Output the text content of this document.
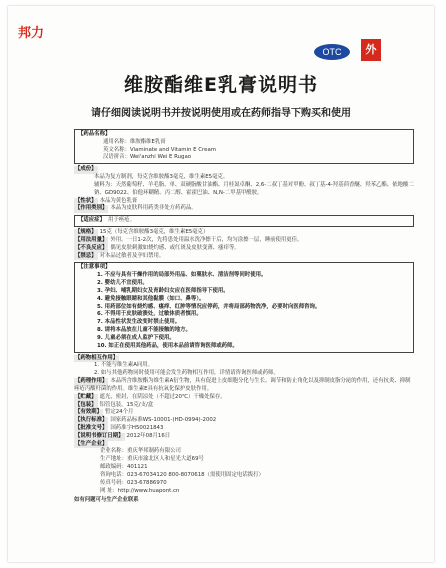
邦力
OTC	外
维胺酯维E乳膏说明书
请仔细阅读说明书并按说明使用或在药师指导下购买和使用
【药品名称】
通用名称：维胺酯维E乳膏
英文名称：Viaminate and Vitamin E Cream
汉语拼音：Wei'anzhi Wei E Rugao
【成份】
本品为复方制剂，每克含维胺酯3毫克，维生素E5毫克。
辅料为：天然葡萄籽、羊毛脂、单、双硬脂酸甘油酯、月桂氮卓酮、2,6-二叔丁基对甲酚、叔丁基-4-羟基茴香醚、羟苯乙酯、依地酸二钠、GD9022、伯他环糊精、丙二醇、霍霍巴油、N,N-二甲基甲酰胺。
【性状】 本品为黄色乳膏
【作用类别】 本品为皮肤科用药类非处方药药品。
【适应症】 用于痤疮。
【规格】 15克（每克含维胺酯3毫克，维生素E5毫克）
【用法用量】 外用。一日1-2次，先将患处用温水洗净擦干后，均匀涂擦一层，睡前使用更佳。
【不良反应】 偶见皮肤刺激如烧灼感、或红斑及皮肤变薄、瘙痒等。
【禁忌】 对本品过敏者及孕妇禁用。
【注意事项】
1. 不应与具有干燥作用的局部外用品、如粟肤水、清洁剂等同时使用。
2. 婴幼儿不宜使用。
3. 孕妇、哺乳期妇女及育龄妇女应在医师指导下使用。
4. 避免接触眼睛和其他黏膜（如口、鼻等）。
5. 用药部位如有烧灼感、瘙痒、红肿等情况应停药，并将局部药物洗净，必要时向医师咨询。
6. 不得用于皮肤破溃处，过敏体质者慎用。
7. 本品性状发生改变时禁止使用。
8. 请将本品放在儿童不能接触的地方。
9. 儿童必须在成人监护下使用。
10. 如正在使用其他药品，使用本品前请咨询医师或药师。
【药物相互作用】
1. 不能与维生素A同用。
2. 如与其他药物同时使用可能会发生药物相互作用，详情请咨询医师或药师。
【药理作用】 本品所含维胺酯为维生素A衍生物，具有促进上皮细胞分化与生长、调节和防止角化以及抑制皮脂分泌的作用，还有抗炎、抑制痤疮丙酸杆菌的作用。维生素E具有抗氧化保护皮肤作用。
【贮藏】 遮光，密封，在阴凉处（不超过20℃）干燥处保存。
【包装】 铝管包装，15克/支/盒
【有效期】 暂定24个月
【执行标准】 国家药品标准WS-10001-(HD-0994)-2002
【批准文号】 国药准字H50021843
【说明书修订日期】 2012年08月16日
【生产企业】
企业名称：重庆华邦制药有限公司
生产地址：重庆市渝北区人和星光大道69号
邮政编码：401121
咨询电话：023-67034120 800-8070618（需使用固定电话拨打）
传真号码：023-67886970
网 址：http://www.huapont.cn
如有问题可与生产企业联系
